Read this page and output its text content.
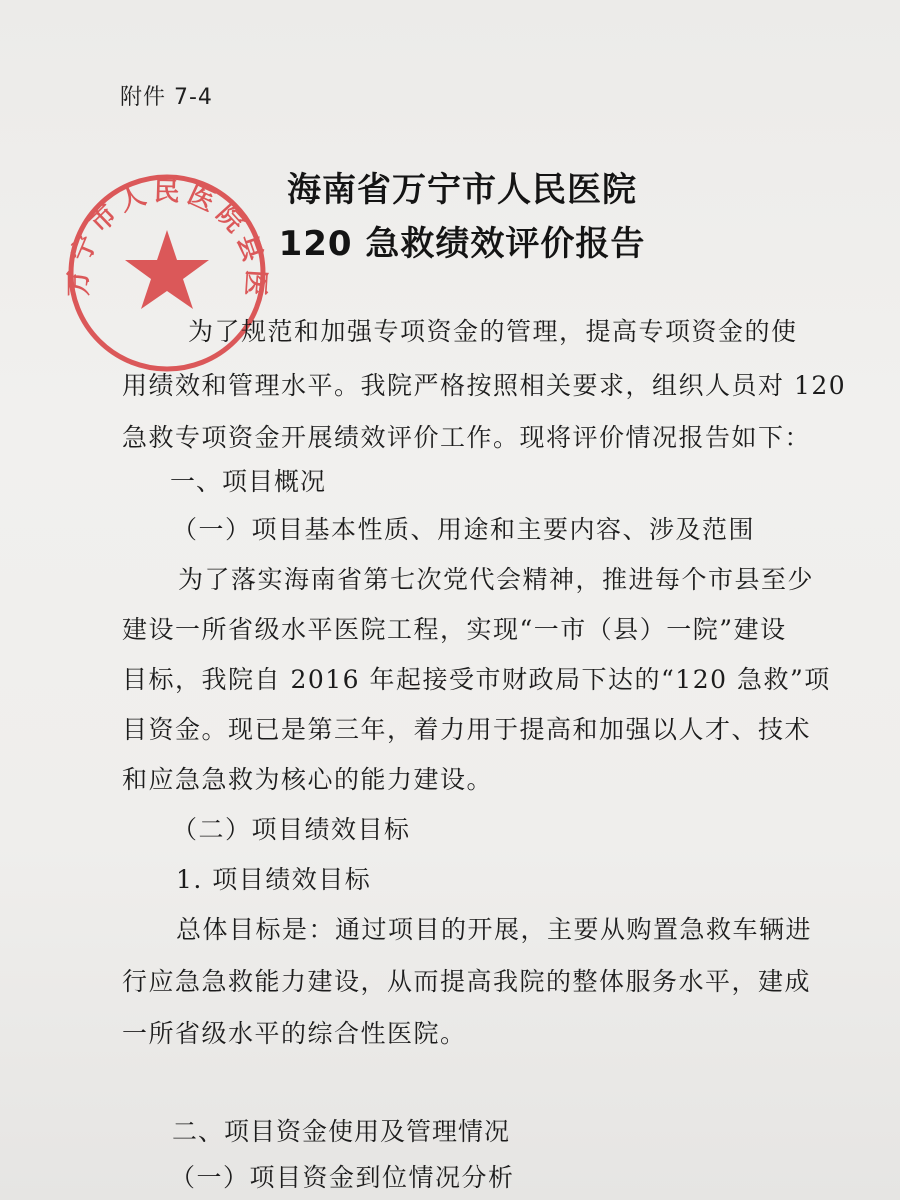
万宁市人民医院县医
附件 7-4
海南省万宁市人民医院
120 急救绩效评价报告
为了规范和加强专项资金的管理，提高专项资金的使
用绩效和管理水平。我院严格按照相关要求，组织人员对 120
急救专项资金开展绩效评价工作。现将评价情况报告如下：
一、项目概况
（一）项目基本性质、用途和主要内容、涉及范围
为了落实海南省第七次党代会精神，推进每个市县至少
建设一所省级水平医院工程，实现“一市（县）一院”建设
目标，我院自 2016 年起接受市财政局下达的“120 急救”项
目资金。现已是第三年，着力用于提高和加强以人才、技术
和应急急救为核心的能力建设。
（二）项目绩效目标
1. 项目绩效目标
总体目标是：通过项目的开展，主要从购置急救车辆进
行应急急救能力建设，从而提高我院的整体服务水平，建成
一所省级水平的综合性医院。
二、项目资金使用及管理情况
（一）项目资金到位情况分析
